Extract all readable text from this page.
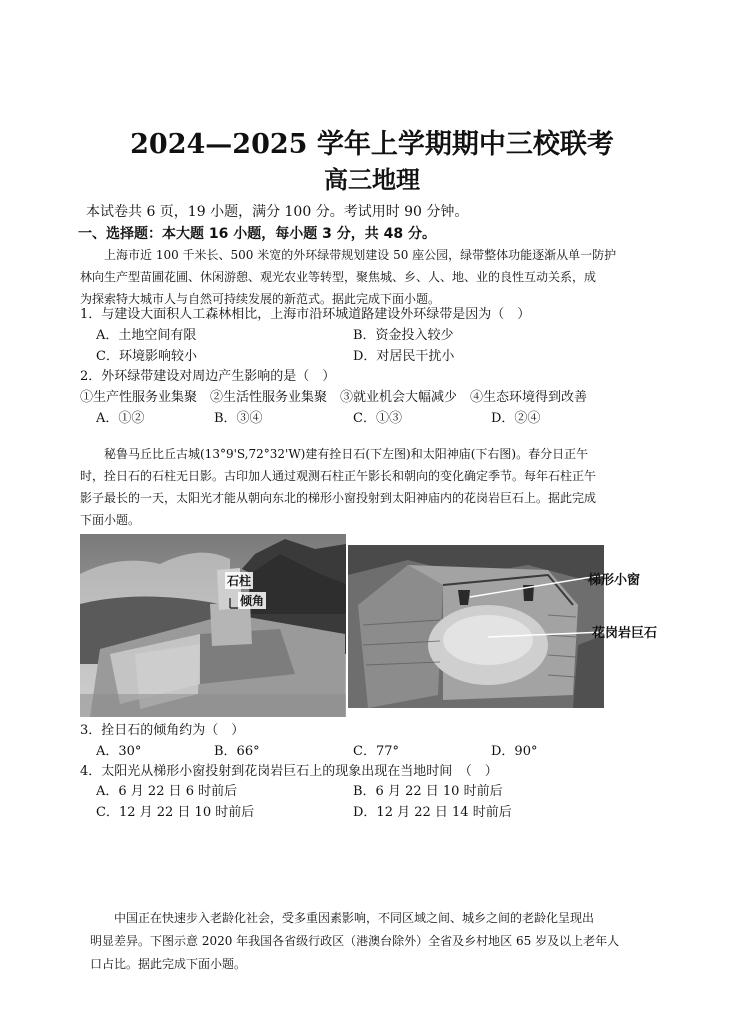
2024—2025 学年上学期期中三校联考
高三地理
本试卷共 6 页，19 小题，满分 100 分。考试用时 90 分钟。
一、选择题：本大题 16 小题，每小题 3 分，共 48 分。
上海市近 100 千米长、500 米宽的外环绿带规划建设 50 座公园，绿带整体功能逐渐从单一防护
林向生产型苗圃花圃、休闲游憩、观光农业等转型，聚焦城、乡、人、地、业的良性互动关系，成
为探索特大城市人与自然可持续发展的新范式。据此完成下面小题。
1．与建设大面积人工森林相比，上海市沿环城道路建设外环绿带是因为（　）
A．土地空间有限	B．资金投入较少
C．环境影响较小	D．对居民干扰小
2．外环绿带建设对周边产生影响的是（　）
①生产性服务业集聚　②生活性服务业集聚　③就业机会大幅减少　④生态环境得到改善
A．①②	B．③④	C．①③	D．②④
秘鲁马丘比丘古城(13°9'S,72°32'W)建有拴日石(下左图)和太阳神庙(下右图)。春分日正午
时，拴日石的石柱无日影。古印加人通过观测石柱正午影长和朝向的变化确定季节。每年石柱正午
影子最长的一天，太阳光才能从朝向东北的梯形小窗投射到太阳神庙内的花岗岩巨石上。据此完成
下面小题。
石柱
倾角
梯形小窗
花岗岩巨石
3．拴日石的倾角约为（　）
A．30°	B．66°	C．77°	D．90°
4．太阳光从梯形小窗投射到花岗岩巨石上的现象出现在当地时间　（　）
A．6 月 22 日 6 时前后	B．6 月 22 日 10 时前后
C．12 月 22 日 10 时前后	D．12 月 22 日 14 时前后
中国正在快速步入老龄化社会，受多重因素影响，不同区域之间、城乡之间的老龄化呈现出
明显差异。下图示意 2020 年我国各省级行政区（港澳台除外）全省及乡村地区 65 岁及以上老年人
口占比。据此完成下面小题。
